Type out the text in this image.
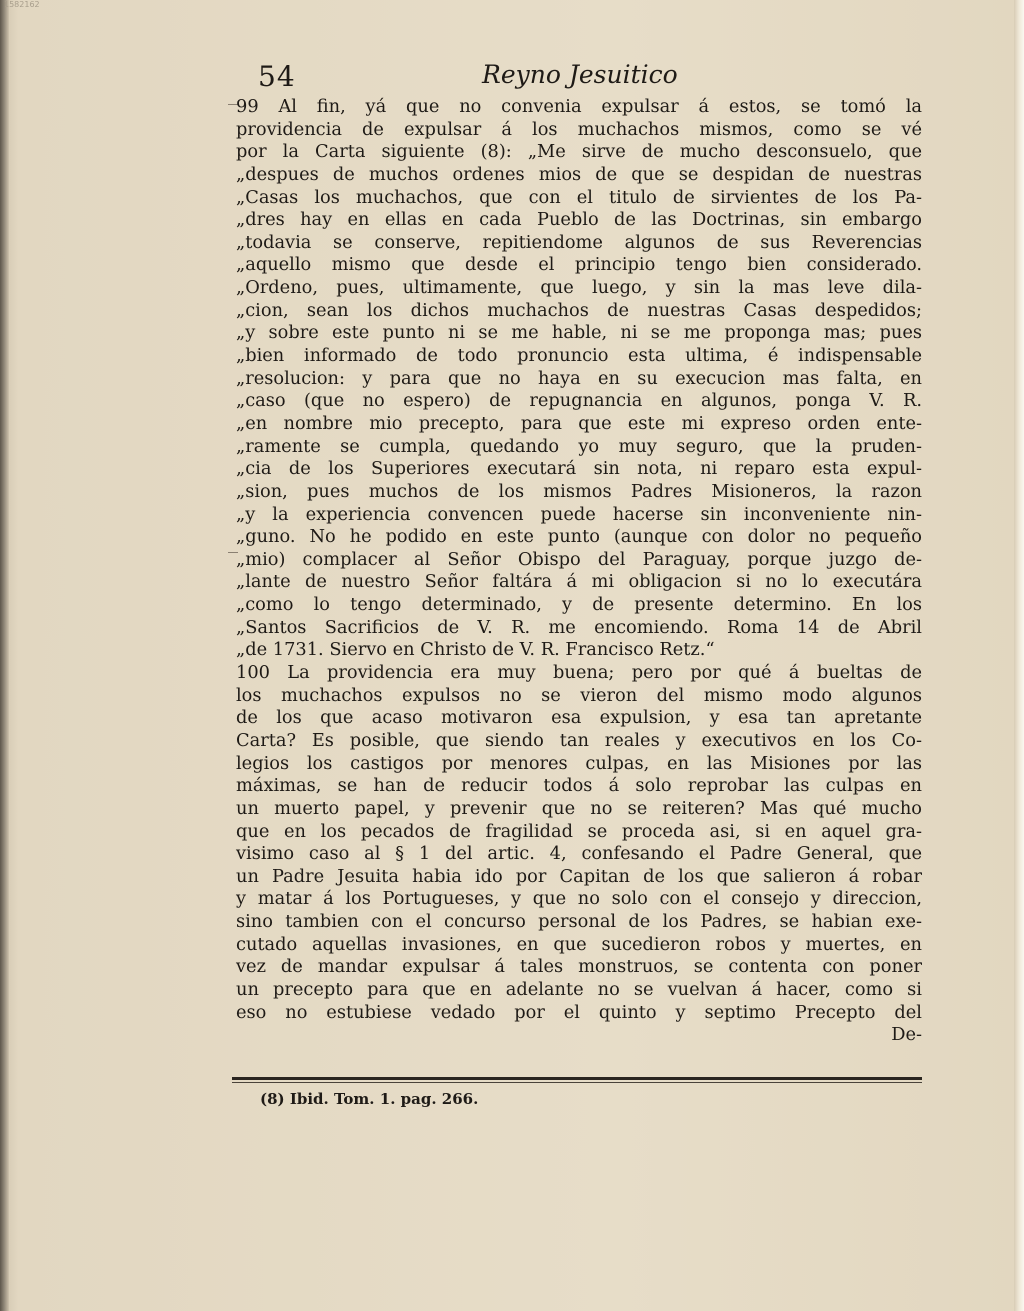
1582162
54	Reyno Jesuitico
99 Al fin, yá que no convenia expulsar á estos, se tomó la
providencia de expulsar á los muchachos mismos, como se vé
por la Carta siguiente (8): „Me sirve de mucho desconsuelo, que
„despues de muchos ordenes mios de que se despidan de nuestras
„Casas los muchachos, que con el titulo de sirvientes de los Pa-
„dres hay en ellas en cada Pueblo de las Doctrinas, sin embargo
„todavia se conserve, repitiendome algunos de sus Reverencias
„aquello mismo que desde el principio tengo bien considerado.
„Ordeno, pues, ultimamente, que luego, y sin la mas leve dila-
„cion, sean los dichos muchachos de nuestras Casas despedidos;
„y sobre este punto ni se me hable, ni se me proponga mas; pues
„bien informado de todo pronuncio esta ultima, é indispensable
„resolucion: y para que no haya en su execucion mas falta, en
„caso (que no espero) de repugnancia en algunos, ponga V. R.
„en nombre mio precepto, para que este mi expreso orden ente-
„ramente se cumpla, quedando yo muy seguro, que la pruden-
„cia de los Superiores executará sin nota, ni reparo esta expul-
„sion, pues muchos de los mismos Padres Misioneros, la razon
„y la experiencia convencen puede hacerse sin inconveniente nin-
„guno. No he podido en este punto (aunque con dolor no pequeño
„mio) complacer al Señor Obispo del Paraguay, porque juzgo de-
„lante de nuestro Señor faltára á mi obligacion si no lo executára
„como lo tengo determinado, y de presente determino. En los
„Santos Sacrificios de V. R. me encomiendo. Roma 14 de Abril
„de 1731. Siervo en Christo de V. R. Francisco Retz.“
100 La providencia era muy buena; pero por qué á bueltas de
los muchachos expulsos no se vieron del mismo modo algunos
de los que acaso motivaron esa expulsion, y esa tan apretante
Carta? Es posible, que siendo tan reales y executivos en los Co-
legios los castigos por menores culpas, en las Misiones por las
máximas, se han de reducir todos á solo reprobar las culpas en
un muerto papel, y prevenir que no se reiteren? Mas qué mucho
que en los pecados de fragilidad se proceda asi, si en aquel gra-
visimo caso al § 1 del artic. 4, confesando el Padre General, que
un Padre Jesuita habia ido por Capitan de los que salieron á robar
y matar á los Portugueses, y que no solo con el consejo y direccion,
sino tambien con el concurso personal de los Padres, se habian exe-
cutado aquellas invasiones, en que sucedieron robos y muertes, en
vez de mandar expulsar á tales monstruos, se contenta con poner
un precepto para que en adelante no se vuelvan á hacer, como si
eso no estubiese vedado por el quinto y septimo Precepto del
De-
(8) Ibid. Tom. 1. pag. 266.
